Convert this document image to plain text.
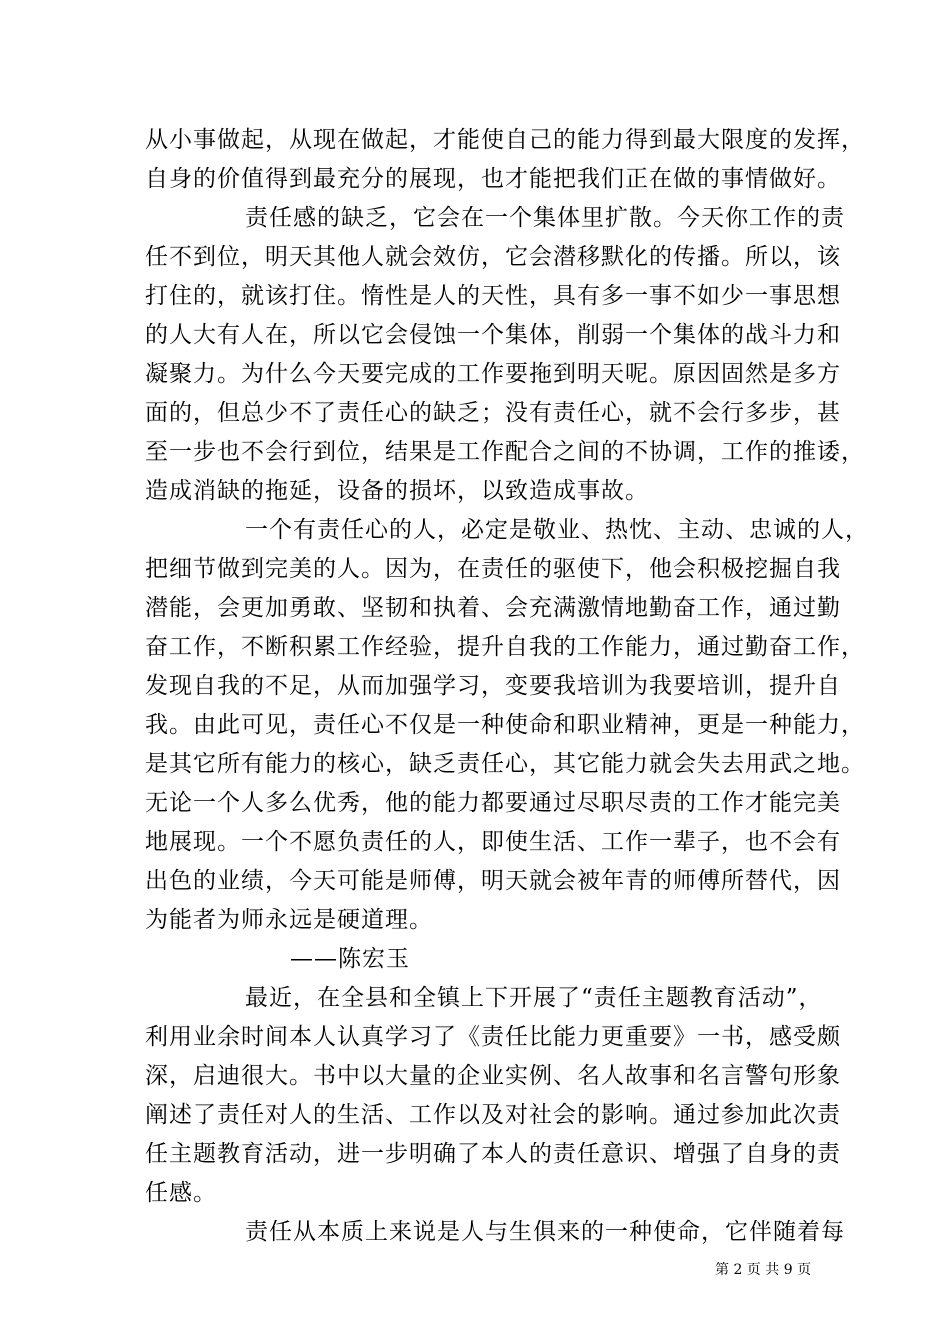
从小事做起，从现在做起，才能使自己的能力得到最大限度的发挥，
自身的价值得到最充分的展现，也才能把我们正在做的事情做好。
责任感的缺乏，它会在一个集体里扩散。今天你工作的责
任不到位，明天其他人就会效仿，它会潜移默化的传播。所以，该
打住的，就该打住。惰性是人的天性，具有多一事不如少一事思想
的人大有人在，所以它会侵蚀一个集体，削弱一个集体的战斗力和
凝聚力。为什么今天要完成的工作要拖到明天呢。原因固然是多方
面的，但总少不了责任心的缺乏；没有责任心，就不会行多步，甚
至一步也不会行到位，结果是工作配合之间的不协调，工作的推诿，
造成消缺的拖延，设备的损坏，以致造成事故。
一个有责任心的人，必定是敬业、热忱、主动、忠诚的人，
把细节做到完美的人。因为，在责任的驱使下，他会积极挖掘自我
潜能，会更加勇敢、坚韧和执着、会充满激情地勤奋工作，通过勤
奋工作，不断积累工作经验，提升自我的工作能力，通过勤奋工作，
发现自我的不足，从而加强学习，变要我培训为我要培训，提升自
我。由此可见，责任心不仅是一种使命和职业精神，更是一种能力，
是其它所有能力的核心，缺乏责任心，其它能力就会失去用武之地。
无论一个人多么优秀，他的能力都要通过尽职尽责的工作才能完美
地展现。一个不愿负责任的人，即使生活、工作一辈子，也不会有
出色的业绩，今天可能是师傅，明天就会被年青的师傅所替代，因
为能者为师永远是硬道理。
——陈宏玉
最近，在全县和全镇上下开展了“责任主题教育活动”，
利用业余时间本人认真学习了《责任比能力更重要》一书，感受颇
深，启迪很大。书中以大量的企业实例、名人故事和名言警句形象
阐述了责任对人的生活、工作以及对社会的影响。通过参加此次责
任主题教育活动，进一步明确了本人的责任意识、增强了自身的责
任感。
责任从本质上来说是人与生俱来的一种使命，它伴随着每
第 2 页 共 9 页
